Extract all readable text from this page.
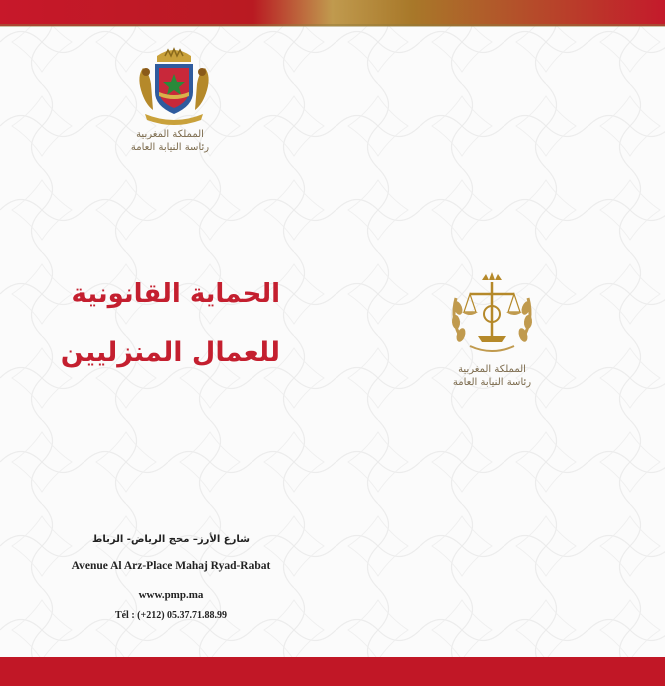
المملكة المغربية
رئاسة النيابة العامة
الحماية القانونية
للعمال المنزليين
المملكة المغربية
رئاسة النيابة العامة
شارع الأرز– محج الرياض- الرباط
Avenue Al Arz-Place Mahaj Ryad-Rabat
www.pmp.ma
Tél : (+212) 05.37.71.88.99
